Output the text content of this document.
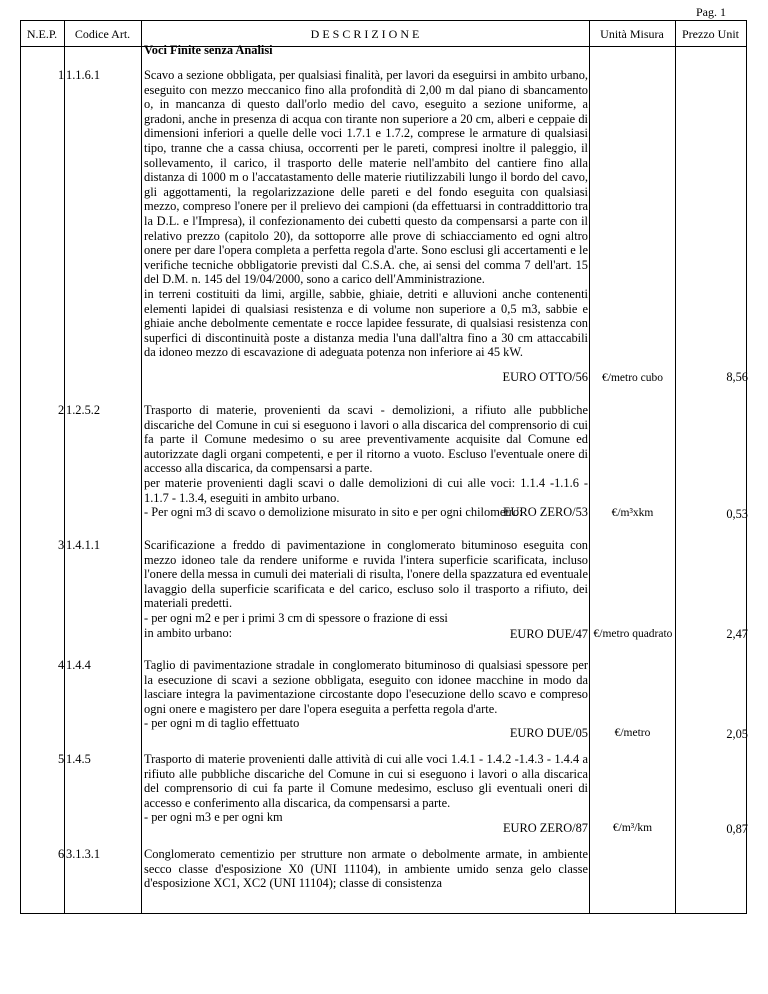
Pag. 1
N.E.P.	Codice Art.	D E S C R I Z I O N E	Unità Misura	Prezzo Unit
Voci Finite senza Analisi
1 1.1.6.1	Scavo a sezione obbligata, per qualsiasi finalità, per lavori da eseguirsi in ambito urbano, eseguito con mezzo meccanico fino alla profondità di 2,00 m dal piano di sbancamento o, in mancanza di questo dall'orlo medio del cavo, eseguito a sezione uniforme, a gradoni, anche in presenza di acqua con tirante non superiore a 20 cm, alberi e ceppaie di dimensioni inferiori a quelle delle voci 1.7.1 e 1.7.2, comprese le armature di qualsiasi tipo, tranne che a cassa chiusa, occorrenti per le pareti, compresi inoltre il paleggio, il sollevamento, il carico, il trasporto delle materie nell'ambito del cantiere fino alla distanza di 1000 m o l'accatastamento delle materie riutilizzabili lungo il bordo del cavo, gli aggottamenti, la regolarizzazione delle pareti e del fondo eseguita con qualsiasi mezzo, compreso l'onere per il prelievo dei campioni (da effettuarsi in contraddittorio tra la D.L. e l'Impresa), il confezionamento dei cubetti questo da compensarsi a parte con il relativo prezzo (capitolo 20), da sottoporre alle prove di schiacciamento ed ogni altro onere per dare l'opera completa a perfetta regola d'arte. Sono esclusi gli accertamenti e le verifiche tecniche obbligatorie previsti dal C.S.A. che, ai sensi del comma 7 dell'art. 15 del D.M. n. 145 del 19/04/2000, sono a carico dell'Amministrazione.

in terreni costituiti da limi, argille, sabbie, ghiaie, detriti e alluvioni anche contenenti elementi lapidei di qualsiasi resistenza e di volume non superiore a 0,5 m3, sabbie e ghiaie anche debolmente cementate e rocce lapidee fessurate, di qualsiasi resistenza con superfici di discontinuità poste a distanza media l'una dall'altra fino a 30 cm attaccabili da idoneo mezzo di escavazione di adeguata potenza non inferiore ai 45 kW.

EURO OTTO/56	€/metro cubo	8,56
2 1.2.5.2	Trasporto di materie, provenienti da scavi - demolizioni, a rifiuto alle pubbliche discariche del Comune in cui si eseguono i lavori o alla discarica del comprensorio di cui fa parte il Comune medesimo o su aree preventivamente acquisite dal Comune ed autorizzate dagli organi competenti, e per il ritorno a vuoto. Escluso l'eventuale onere di accesso alla discarica, da compensarsi a parte.

per materie provenienti dagli scavi o dalle demolizioni di cui alle voci: 1.1.4 -1.1.6 - 1.1.7 - 1.3.4, eseguiti in ambito urbano.

- Per ogni m3 di scavo o demolizione misurato in sito e per ogni chilometro:

EURO ZERO/53	€/m³xkm	0,53
3 1.4.1.1	Scarificazione a freddo di pavimentazione in conglomerato bituminoso eseguita con mezzo idoneo tale da rendere uniforme e ruvida l'intera superficie scarificata, incluso l'onere della messa in cumuli dei materiali di risulta, l'onere della spazzatura ed eventuale lavaggio della superficie scarificata e del carico, escluso solo il trasporto a rifiuto, dei materiali predetti.

- per ogni m2 e per i primi 3 cm di spessore o frazione di essi

in ambito urbano:	EURO DUE/47 €/metro quadrato	2,47
4 1.4.4	Taglio di pavimentazione stradale in conglomerato bituminoso di qualsiasi spessore per la esecuzione di scavi a sezione obbligata, eseguito con idonee macchine in modo da lasciare integra la pavimentazione circostante dopo l'esecuzione dello scavo e compreso ogni onere e magistero per dare l'opera eseguita a perfetta regola d'arte.

- per ogni m di taglio effettuato

EURO DUE/05	€/metro	2,05
5 1.4.5	Trasporto di materie provenienti dalle attività di cui alle voci 1.4.1 - 1.4.2 -1.4.3 - 1.4.4 a rifiuto alle pubbliche discariche del Comune in cui si eseguono i lavori o alla discarica del comprensorio di cui fa parte il Comune medesimo, escluso gli eventuali oneri di accesso e conferimento alla discarica, da compensarsi a parte.

- per ogni m3 e per ogni km

EURO ZERO/87	€/m³/km	0,87
6 3.1.3.1	Conglomerato cementizio per strutture non armate o debolmente armate, in ambiente secco classe d'esposizione X0 (UNI 11104), in ambiente umido senza gelo classe d'esposizione XC1, XC2 (UNI 11104); classe di consistenza
